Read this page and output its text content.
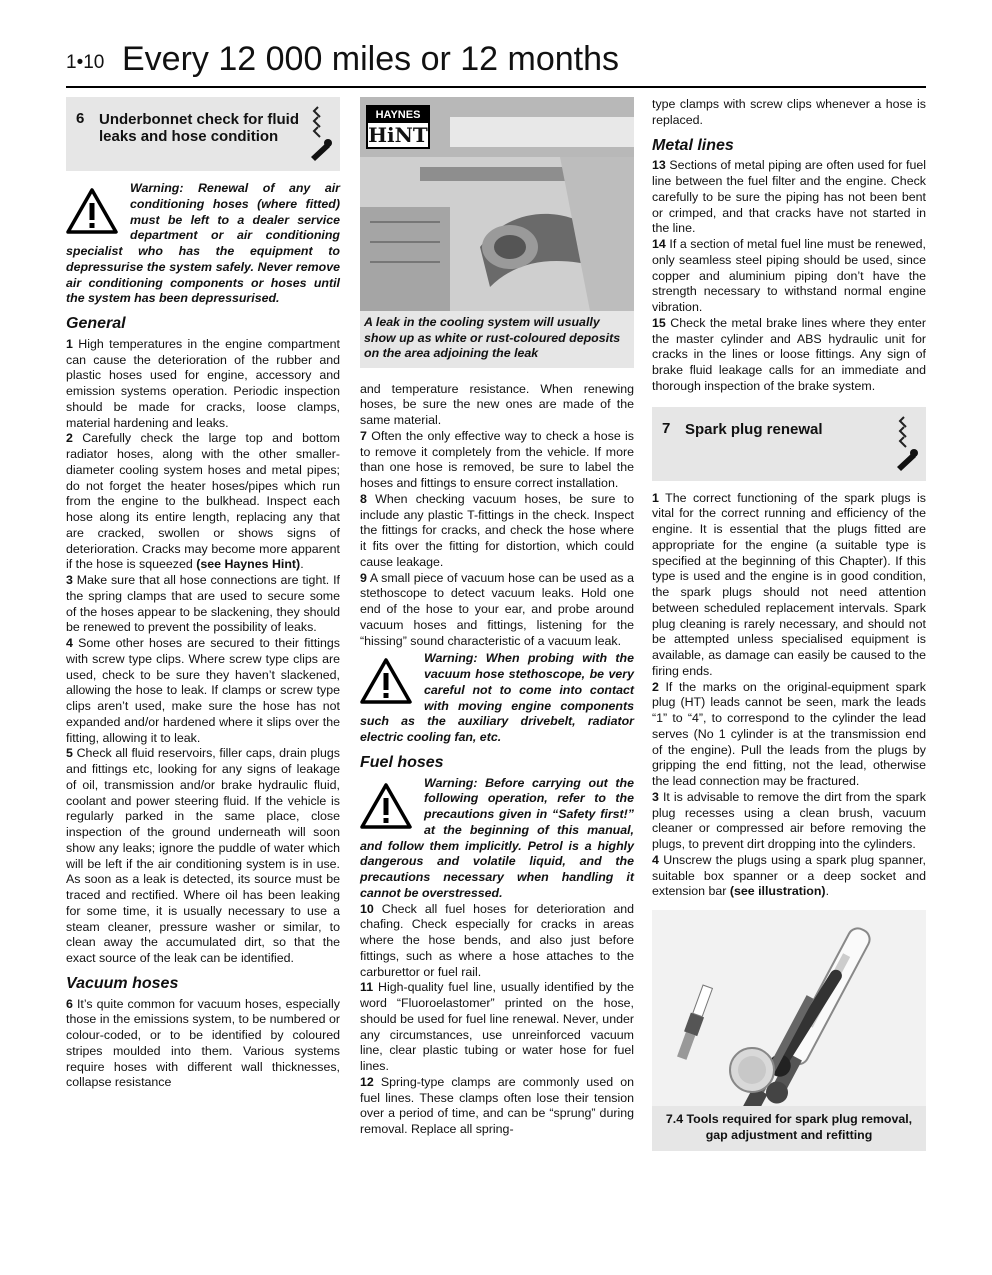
1•10 Every 12 000 miles or 12 months
6 Underbonnet check for fluid leaks and hose condition

Warning: Renewal of any air conditioning hoses (where fitted) must be left to a dealer service department or air conditioning specialist who has the equipment to depressurise the system safely. Never remove air conditioning components or hoses until the system has been depressurised.

General

1 High temperatures in the engine compartment can cause the deterioration of the rubber and plastic hoses used for engine, accessory and emission systems operation. Periodic inspection should be made for cracks, loose clamps, material hardening and leaks.

2 Carefully check the large top and bottom radiator hoses, along with the other smaller-diameter cooling system hoses and metal pipes; do not forget the heater hoses/pipes which run from the engine to the bulkhead. Inspect each hose along its entire length, replacing any that are cracked, swollen or shows signs of deterioration. Cracks may become more apparent if the hose is squeezed (see Haynes Hint).

3 Make sure that all hose connections are tight. If the spring clamps that are used to secure some of the hoses appear to be slackening, they should be renewed to prevent the possibility of leaks.

4 Some other hoses are secured to their fittings with screw type clips. Where screw type clips are used, check to be sure they haven’t slackened, allowing the hose to leak. If clamps or screw type clips aren’t used, make sure the hose has not expanded and/or hardened where it slips over the fitting, allowing it to leak.

5 Check all fluid reservoirs, filler caps, drain plugs and fittings etc, looking for any signs of leakage of oil, transmission and/or brake hydraulic fluid, coolant and power steering fluid. If the vehicle is regularly parked in the same place, close inspection of the ground underneath will soon show any leaks; ignore the puddle of water which will be left if the air conditioning system is in use. As soon as a leak is detected, its source must be traced and rectified. Where oil has been leaking for some time, it is usually necessary to use a steam cleaner, pressure washer or similar, to clean away the accumulated dirt, so that the exact source of the leak can be identified.

Vacuum hoses

6 It’s quite common for vacuum hoses, especially those in the emissions system, to be numbered or colour-coded, or to be identified by coloured stripes moulded into them. Various systems require hoses with different wall thicknesses, collapse resistance

HAYNES
HiNT
A leak in the cooling system will usually show up as white or rust-coloured deposits on the area adjoining the leak

and temperature resistance. When renewing hoses, be sure the new ones are made of the same material.

7 Often the only effective way to check a hose is to remove it completely from the vehicle. If more than one hose is removed, be sure to label the hoses and fittings to ensure correct installation.

8 When checking vacuum hoses, be sure to include any plastic T-fittings in the check. Inspect the fittings for cracks, and check the hose where it fits over the fitting for distortion, which could cause leakage.

9 A small piece of vacuum hose can be used as a stethoscope to detect vacuum leaks. Hold one end of the hose to your ear, and probe around vacuum hoses and fittings, listening for the “hissing” sound characteristic of a vacuum leak.

Warning: When probing with the vacuum hose stethoscope, be very careful not to come into contact with moving engine components such as the auxiliary drivebelt, radiator electric cooling fan, etc.

Fuel hoses

Warning: Before carrying out the following operation, refer to the precautions given in “Safety first!” at the beginning of this manual, and follow them implicitly. Petrol is a highly dangerous and volatile liquid, and the precautions necessary when handling it cannot be overstressed.

10 Check all fuel hoses for deterioration and chafing. Check especially for cracks in areas where the hose bends, and also just before fittings, such as where a hose attaches to the carburettor or fuel rail.

11 High-quality fuel line, usually identified by the word “Fluoroelastomer” printed on the hose, should be used for fuel line renewal. Never, under any circumstances, use unreinforced vacuum line, clear plastic tubing or water hose for fuel lines.

12 Spring-type clamps are commonly used on fuel lines. These clamps often lose their tension over a period of time, and can be “sprung” during removal. Replace all spring-

type clamps with screw clips whenever a hose is replaced.

Metal lines

13 Sections of metal piping are often used for fuel line between the fuel filter and the engine. Check carefully to be sure the piping has not been bent or crimped, and that cracks have not started in the line.

14 If a section of metal fuel line must be renewed, only seamless steel piping should be used, since copper and aluminium piping don’t have the strength necessary to withstand normal engine vibration.

15 Check the metal brake lines where they enter the master cylinder and ABS hydraulic unit for cracks in the lines or loose fittings. Any sign of brake fluid leakage calls for an immediate and thorough inspection of the brake system.

7 Spark plug renewal

1 The correct functioning of the spark plugs is vital for the correct running and efficiency of the engine. It is essential that the plugs fitted are appropriate for the engine (a suitable type is specified at the beginning of this Chapter). If this type is used and the engine is in good condition, the spark plugs should not need attention between scheduled replacement intervals. Spark plug cleaning is rarely necessary, and should not be attempted unless specialised equipment is available, as damage can easily be caused to the firing ends.

2 If the marks on the original-equipment spark plug (HT) leads cannot be seen, mark the leads “1” to “4”, to correspond to the cylinder the lead serves (No 1 cylinder is at the transmission end of the engine). Pull the leads from the plugs by gripping the end fitting, not the lead, otherwise the lead connection may be fractured.

3 It is advisable to remove the dirt from the spark plug recesses using a clean brush, vacuum cleaner or compressed air before removing the plugs, to prevent dirt dropping into the cylinders.

4 Unscrew the plugs using a spark plug spanner, suitable box spanner or a deep socket and extension bar (see illustration).

7.4 Tools required for spark plug removal, gap adjustment and refitting
